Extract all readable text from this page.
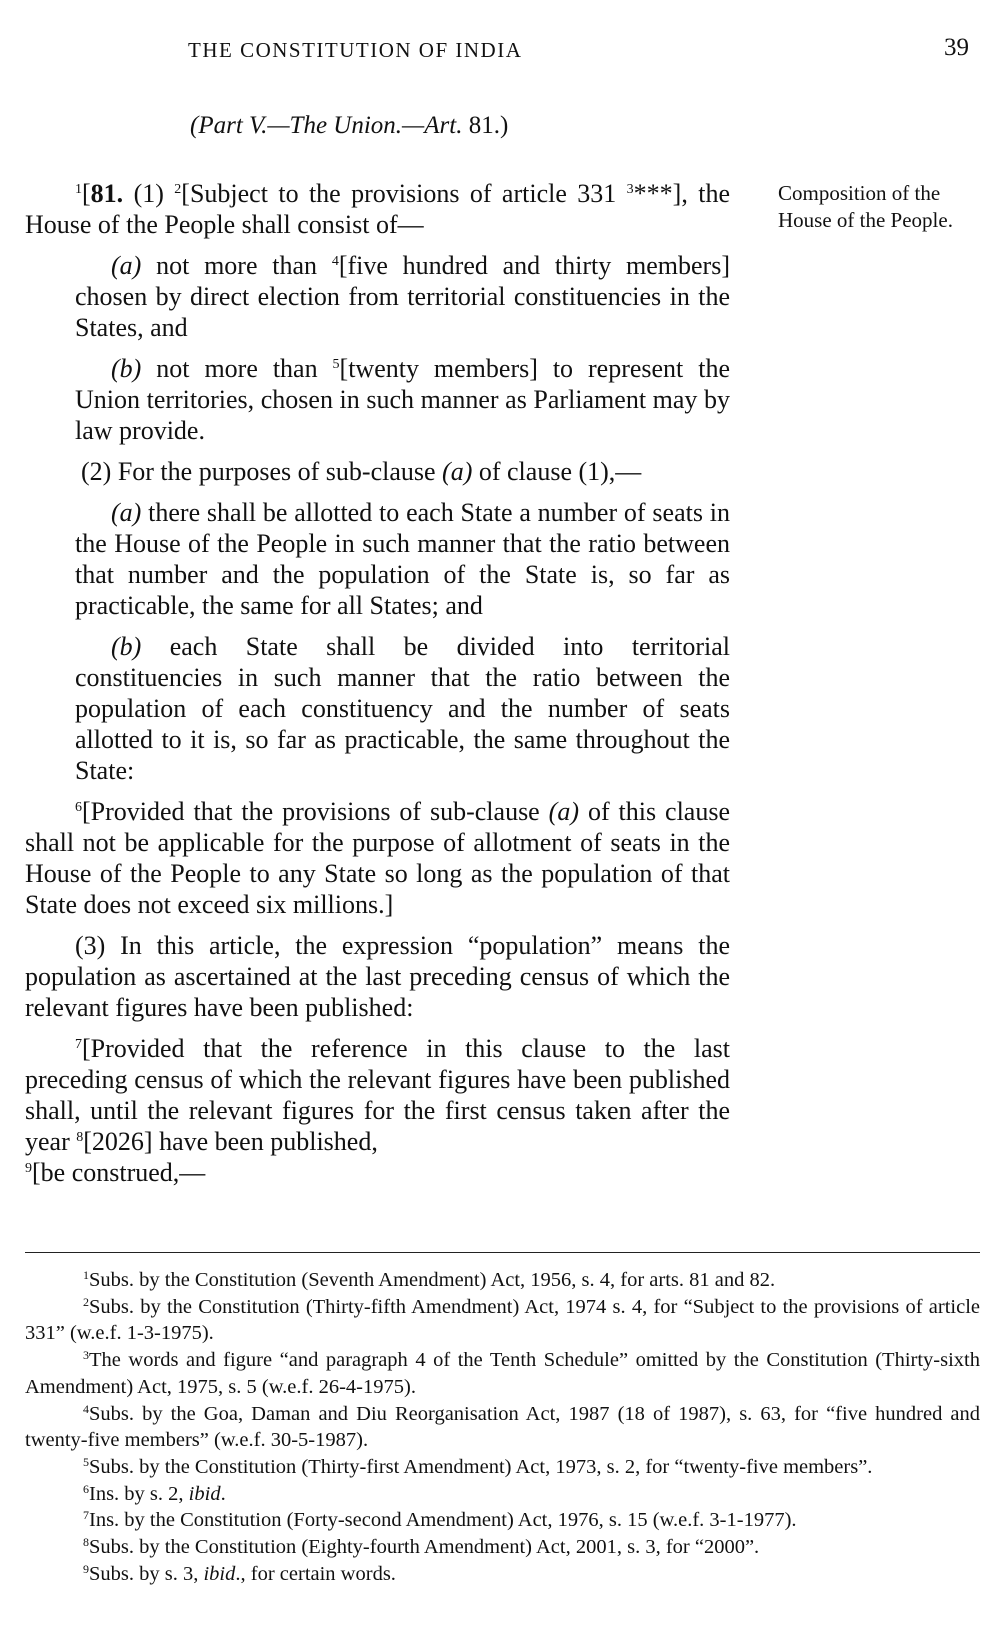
THE CONSTITUTION OF INDIA	39
(Part V.—The Union.—Art. 81.)
Composition of the House of the People.

$^1$[81. (1) $^2$[Subject to the provisions of article 331 $^3$***], the House of the People shall consist of—

(a) not more than $^4$[five hundred and thirty members] chosen by direct election from territorial constituencies in the States, and

(b) not more than $^5$[twenty members] to represent the Union territories, chosen in such manner as Parliament may by law provide.

(2) For the purposes of sub-clause (a) of clause (1),—

(a) there shall be allotted to each State a number of seats in the House of the People in such manner that the ratio between that number and the population of the State is, so far as practicable, the same for all States; and

(b) each State shall be divided into territorial constituencies in such manner that the ratio between the population of each constituency and the number of seats allotted to it is, so far as practicable, the same throughout the State:

$^6$[Provided that the provisions of sub-clause (a) of this clause shall not be applicable for the purpose of allotment of seats in the House of the People to any State so long as the population of that State does not exceed six millions.]

(3) In this article, the expression “population” means the population as ascertained at the last preceding census of which the relevant figures have been published:

$^7$[Provided that the reference in this clause to the last preceding census of which the relevant figures have been published shall, until the relevant figures for the first census taken after the year $^8$[2026] have been published,

$^9$[be construed,—

$^1$Subs. by the Constitution (Seventh Amendment) Act, 1956, s. 4, for arts. 81 and 82.

$^2$Subs. by the Constitution (Thirty-fifth Amendment) Act, 1974 s. 4, for “Subject to the provisions of article 331” (w.e.f. 1-3-1975).

$^3$The words and figure “and paragraph 4 of the Tenth Schedule” omitted by the Constitution (Thirty-sixth Amendment) Act, 1975, s. 5 (w.e.f. 26-4-1975).

$^4$Subs. by the Goa, Daman and Diu Reorganisation Act, 1987 (18 of 1987), s. 63, for “five hundred and twenty-five members” (w.e.f. 30-5-1987).

$^5$Subs. by the Constitution (Thirty-first Amendment) Act, 1973, s. 2, for “twenty-five members”.

$^6$Ins. by s. 2, ibid.

$^7$Ins. by the Constitution (Forty-second Amendment) Act, 1976, s. 15 (w.e.f. 3-1-1977).

$^8$Subs. by the Constitution (Eighty-fourth Amendment) Act, 2001, s. 3, for “2000”.

$^9$Subs. by s. 3, ibid., for certain words.
